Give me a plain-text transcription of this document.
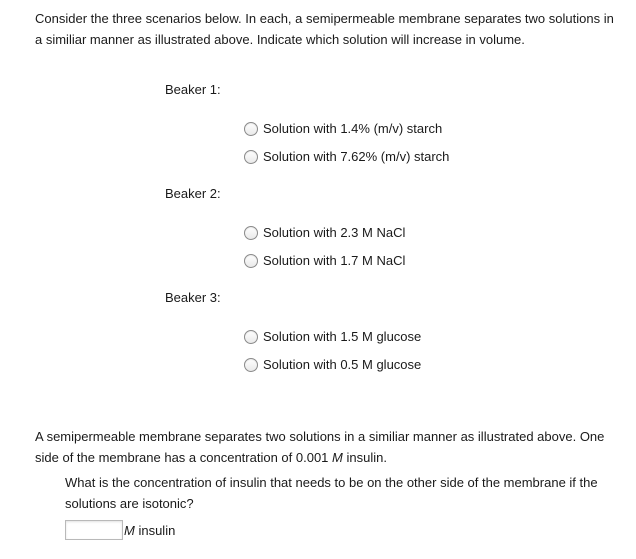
Consider the three scenarios below. In each, a semipermeable membrane separates two solutions in a similiar manner as illustrated above. Indicate which solution will increase in volume.
Beaker 1:
Solution with 1.4% (m/v) starch
Solution with 7.62% (m/v) starch
Beaker 2:
Solution with 2.3 M NaCl
Solution with 1.7 M NaCl
Beaker 3:
Solution with 1.5 M glucose
Solution with 0.5 M glucose
A semipermeable membrane separates two solutions in a similiar manner as illustrated above. One side of the membrane has a concentration of 0.001 M insulin.
What is the concentration of insulin that needs to be on the other side of the membrane if the solutions are isotonic?
M insulin
